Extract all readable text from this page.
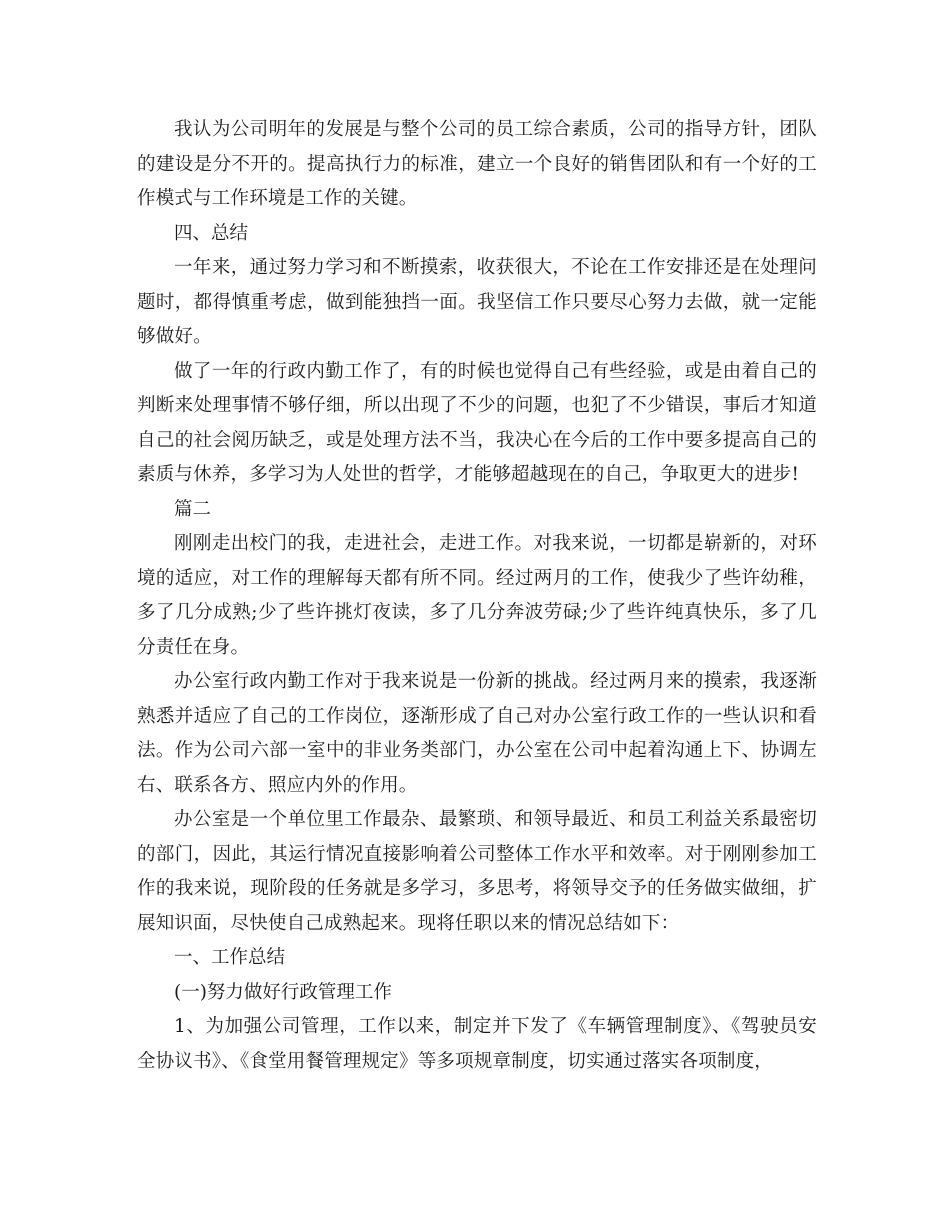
我认为公司明年的发展是与整个公司的员工综合素质，公司的指导方针，团队的建设是分不开的。提高执行力的标准，建立一个良好的销售团队和有一个好的工作模式与工作环境是工作的关键。

四、总结

一年来，通过努力学习和不断摸索，收获很大，不论在工作安排还是在处理问题时，都得慎重考虑，做到能独挡一面。我坚信工作只要尽心努力去做，就一定能够做好。

做了一年的行政内勤工作了，有的时候也觉得自己有些经验，或是由着自己的判断来处理事情不够仔细，所以出现了不少的问题，也犯了不少错误，事后才知道自己的社会阅历缺乏，或是处理方法不当，我决心在今后的工作中要多提高自己的素质与休养，多学习为人处世的哲学，才能够超越现在的自己，争取更大的进步!

篇二

刚刚走出校门的我，走进社会，走进工作。对我来说，一切都是崭新的，对环境的适应，对工作的理解每天都有所不同。经过两月的工作，使我少了些许幼稚，多了几分成熟;少了些许挑灯夜读，多了几分奔波劳碌;少了些许纯真快乐，多了几分责任在身。

办公室行政内勤工作对于我来说是一份新的挑战。经过两月来的摸索，我逐渐熟悉并适应了自己的工作岗位，逐渐形成了自己对办公室行政工作的一些认识和看法。作为公司六部一室中的非业务类部门，办公室在公司中起着沟通上下、协调左右、联系各方、照应内外的作用。

办公室是一个单位里工作最杂、最繁琐、和领导最近、和员工利益关系最密切的部门，因此，其运行情况直接影响着公司整体工作水平和效率。对于刚刚参加工作的我来说，现阶段的任务就是多学习，多思考，将领导交予的任务做实做细，扩展知识面，尽快使自己成熟起来。现将任职以来的情况总结如下：

一、工作总结

(一)努力做好行政管理工作

1、为加强公司管理，工作以来，制定并下发了《车辆管理制度》、《驾驶员安全协议书》、《食堂用餐管理规定》等多项规章制度，切实通过落实各项制度，
